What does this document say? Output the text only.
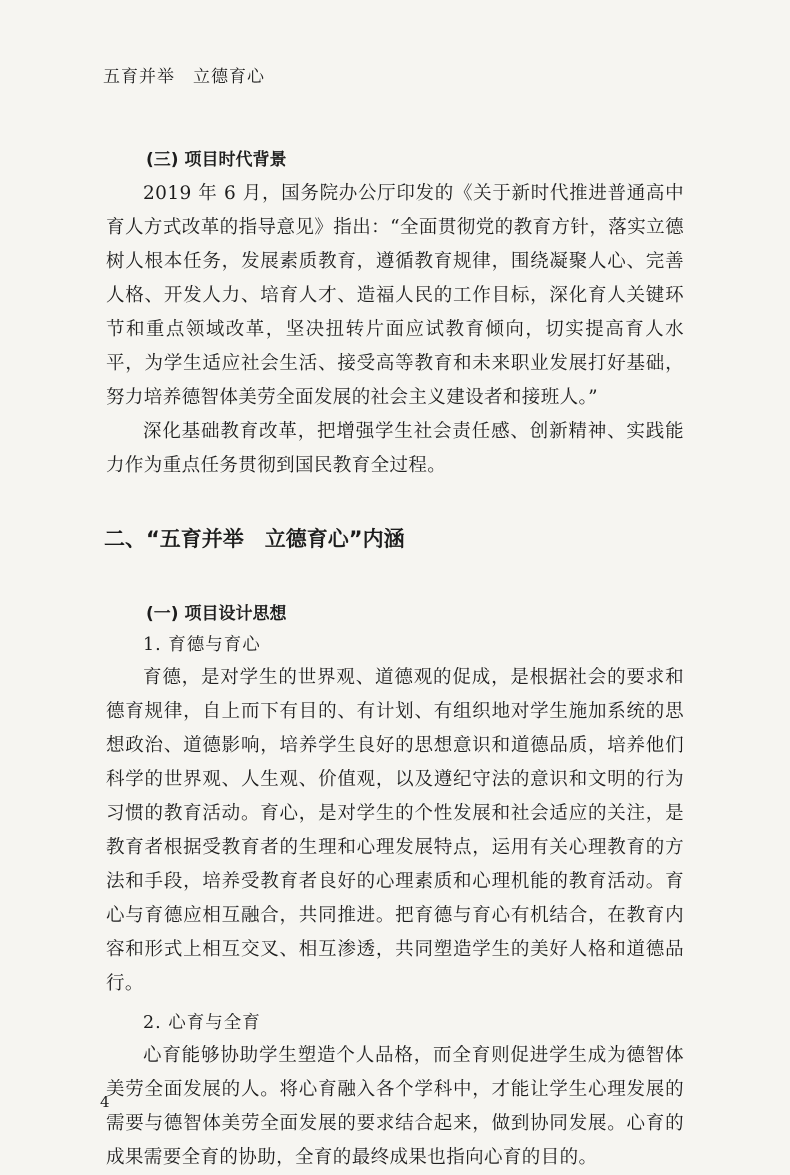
五育并举　立德育心
(三) 项目时代背景

2019 年 6 月，国务院办公厅印发的《关于新时代推进普通高中育人方式改革的指导意见》指出：“全面贯彻党的教育方针，落实立德树人根本任务，发展素质教育，遵循教育规律，围绕凝聚人心、完善人格、开发人力、培育人才、造福人民的工作目标，深化育人关键环节和重点领域改革，坚决扭转片面应试教育倾向，切实提高育人水平，为学生适应社会生活、接受高等教育和未来职业发展打好基础，努力培养德智体美劳全面发展的社会主义建设者和接班人。”

深化基础教育改革，把增强学生社会责任感、创新精神、实践能力作为重点任务贯彻到国民教育全过程。

二、“五育并举　立德育心”内涵
(一) 项目设计思想
1. 育德与育心

育德，是对学生的世界观、道德观的促成，是根据社会的要求和德育规律，自上而下有目的、有计划、有组织地对学生施加系统的思想政治、道德影响，培养学生良好的思想意识和道德品质，培养他们科学的世界观、人生观、价值观，以及遵纪守法的意识和文明的行为习惯的教育活动。育心，是对学生的个性发展和社会适应的关注，是教育者根据受教育者的生理和心理发展特点，运用有关心理教育的方法和手段，培养受教育者良好的心理素质和心理机能的教育活动。育心与育德应相互融合，共同推进。把育德与育心有机结合，在教育内容和形式上相互交叉、相互渗透，共同塑造学生的美好人格和道德品行。

2. 心育与全育

心育能够协助学生塑造个人品格，而全育则促进学生成为德智体美劳全面发展的人。将心育融入各个学科中，才能让学生心理发展的需要与德智体美劳全面发展的要求结合起来，做到协同发展。心育的成果需要全育的协助，全育的最终成果也指向心育的目的。

4
